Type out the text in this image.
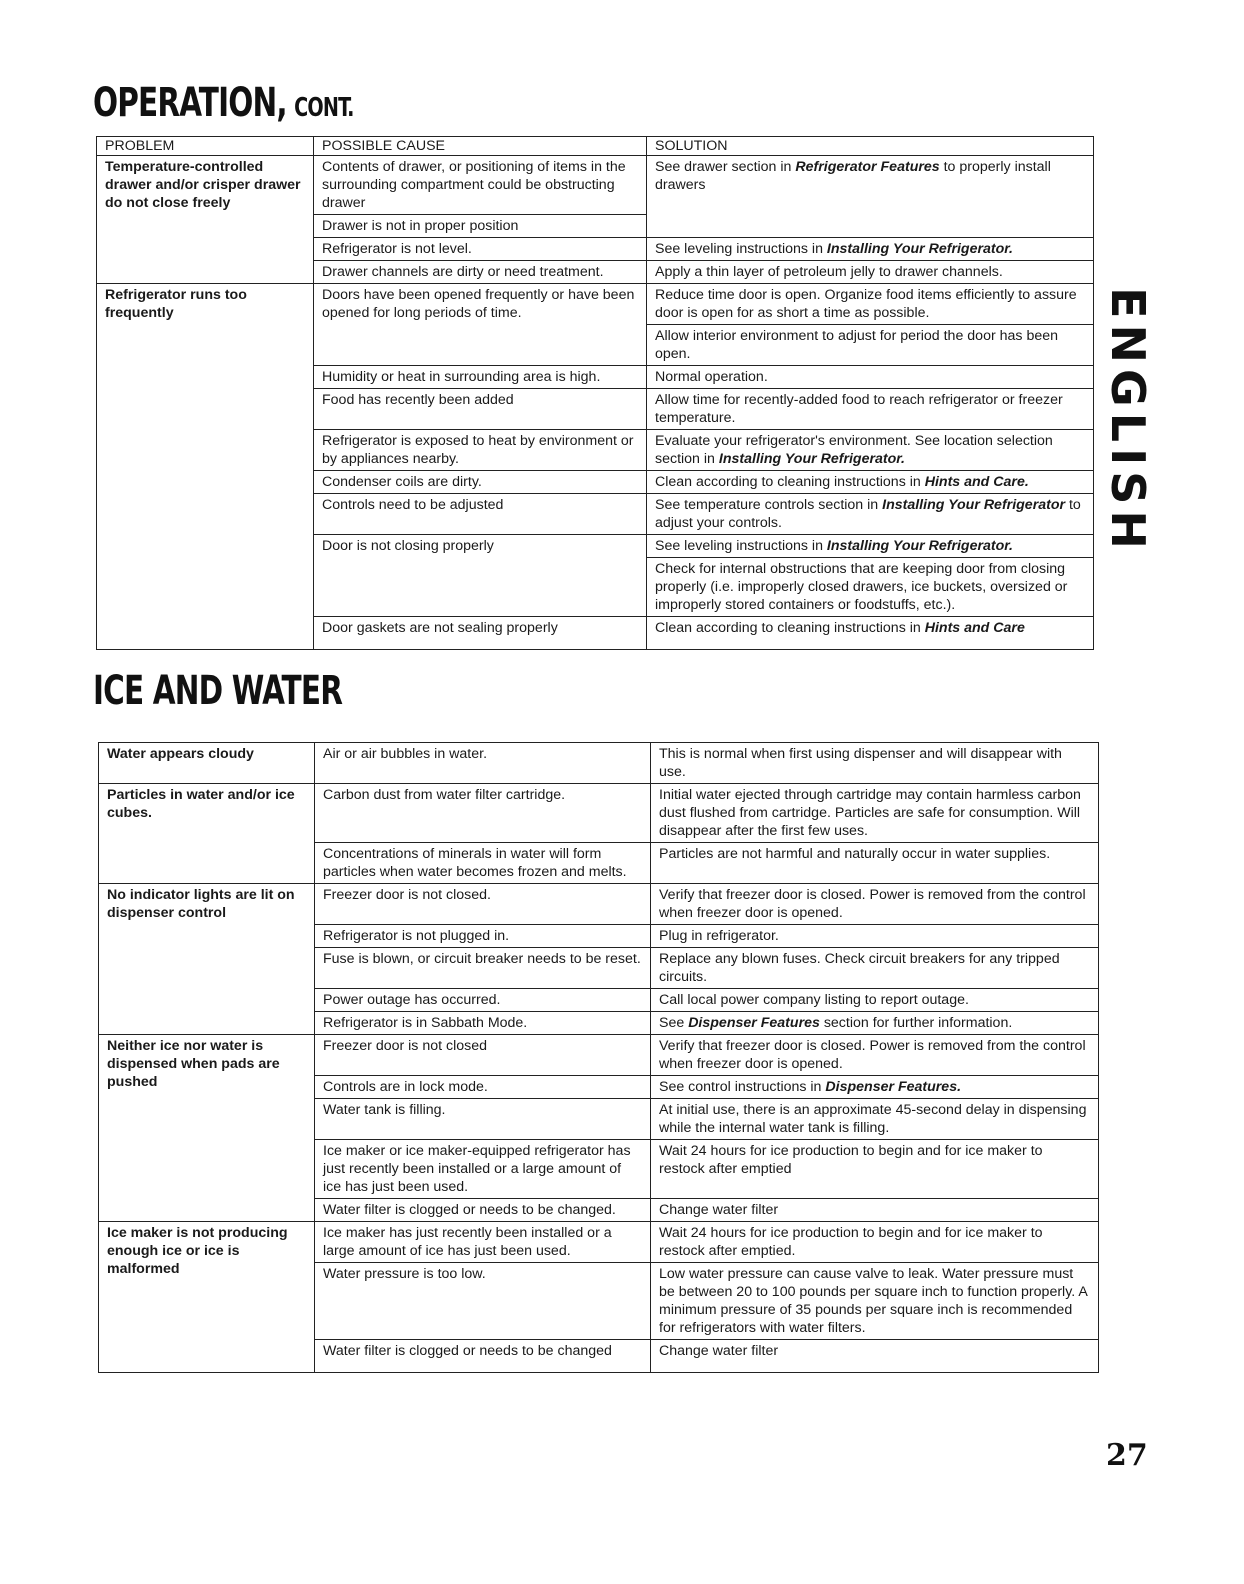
OPERATION, CONT.
PROBLEM	POSSIBLE CAUSE	SOLUTION
Temperature-controlled drawer and/or crisper drawer do not close freely	Contents of drawer, or positioning of items in the surrounding compartment could be obstructing drawer	See drawer section in Refrigerator Features to properly install drawers
	Drawer is not in proper position	
	Refrigerator is not level.	See leveling instructions in Installing Your Refrigerator.
	Drawer channels are dirty or need treatment.	Apply a thin layer of petroleum jelly to drawer channels.
Refrigerator runs too frequently	Doors have been opened frequently or have been opened for long periods of time.	Reduce time door is open. Organize food items efficiently to assure door is open for as short a time as possible.
		Allow interior environment to adjust for period the door has been open.
	Humidity or heat in surrounding area is high.	Normal operation.
	Food has recently been added	Allow time for recently-added food to reach refrigerator or freezer temperature.
	Refrigerator is exposed to heat by environment or by appliances nearby.	Evaluate your refrigerator's environment. See location selection section in Installing Your Refrigerator.
	Condenser coils are dirty.	Clean according to cleaning instructions in Hints and Care.
	Controls need to be adjusted	See temperature controls section in Installing Your Refrigerator to adjust your controls.
	Door is not closing properly	See leveling instructions in Installing Your Refrigerator.
		Check for internal obstructions that are keeping door from closing properly (i.e. improperly closed drawers, ice buckets, oversized or improperly stored containers or foodstuffs, etc.).
	Door gaskets are not sealing properly	Clean according to cleaning instructions in Hints and Care
ICE AND WATER
Water appears cloudy	Air or air bubbles in water.	This is normal when first using dispenser and will disappear with use.
Particles in water and/or ice cubes.	Carbon dust from water filter cartridge.	Initial water ejected through cartridge may contain harmless carbon dust flushed from cartridge. Particles are safe for consumption. Will disappear after the first few uses.
	Concentrations of minerals in water will form particles when water becomes frozen and melts.	Particles are not harmful and naturally occur in water supplies.
No indicator lights are lit on dispenser control	Freezer door is not closed.	Verify that freezer door is closed. Power is removed from the control when freezer door is opened.
	Refrigerator is not plugged in.	Plug in refrigerator.
	Fuse is blown, or circuit breaker needs to be reset.	Replace any blown fuses. Check circuit breakers for any tripped circuits.
	Power outage has occurred.	Call local power company listing to report outage.
	Refrigerator is in Sabbath Mode.	See Dispenser Features section for further information.
Neither ice nor water is dispensed when pads are pushed	Freezer door is not closed	Verify that freezer door is closed. Power is removed from the control when freezer door is opened.
	Controls are in lock mode.	See control instructions in Dispenser Features.
	Water tank is filling.	At initial use, there is an approximate 45-second delay in dispensing while the internal water tank is filling.
	Ice maker or ice maker-equipped refrigerator has just recently been installed or a large amount of ice has just been used.	Wait 24 hours for ice production to begin and for ice maker to restock after emptied
	Water filter is clogged or needs to be changed.	Change water filter
Ice maker is not producing enough ice or ice is malformed	Ice maker has just recently been installed or a large amount of ice has just been used.	Wait 24 hours for ice production to begin and for ice maker to restock after emptied.
	Water pressure is too low.	Low water pressure can cause valve to leak. Water pressure must be between 20 to 100 pounds per square inch to function properly. A minimum pressure of 35 pounds per square inch is recommended for refrigerators with water filters.
	Water filter is clogged or needs to be changed	Change water filter
ENGLISH
27
